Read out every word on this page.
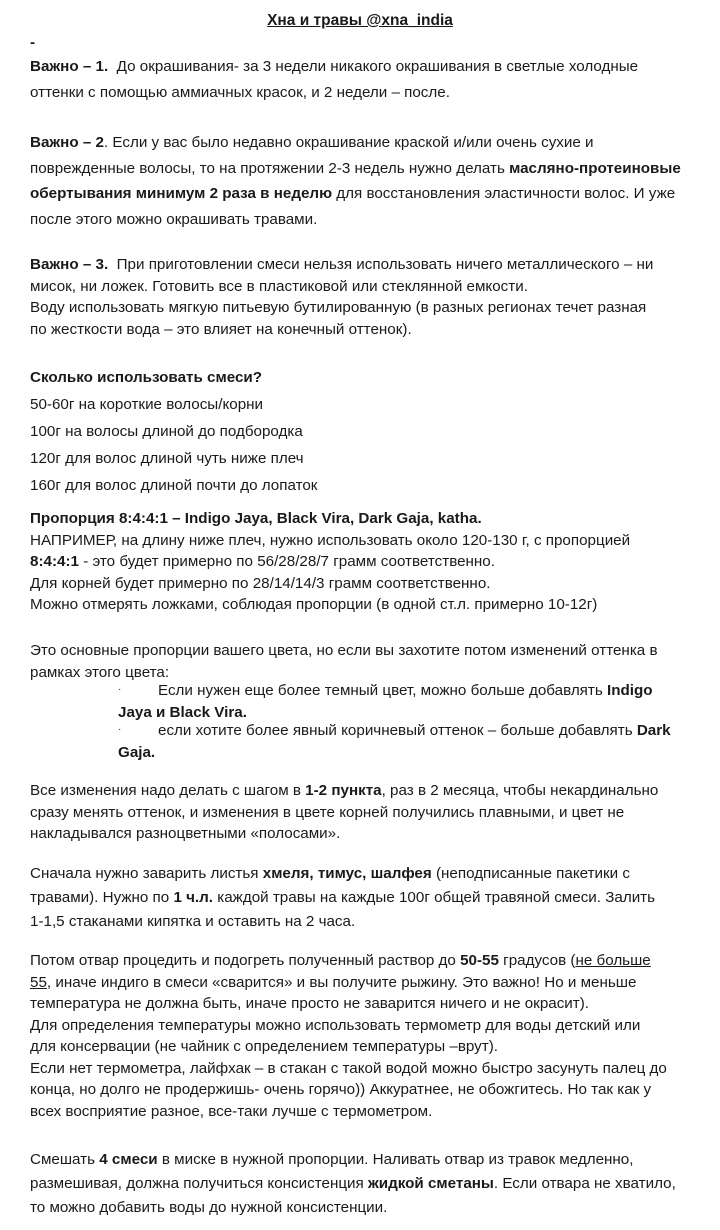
Хна и травы @xna_india
-
Важно – 1. До окрашивания- за 3 недели никакого окрашивания в светлые холодные
оттенки с помощью аммиачных красок, и 2 недели – после.
Важно – 2. Если у вас было недавно окрашивание краской и/или очень сухие и
поврежденные волосы, то на протяжении 2-3 недель нужно делать масляно-протеиновые
обертывания минимум 2 раза в неделю для восстановления эластичности волос. И уже
после этого можно окрашивать травами.
Важно – 3. При приготовлении смеси нельзя использовать ничего металлического – ни
мисок, ни ложек. Готовить все в пластиковой или стеклянной емкости.
Воду использовать мягкую питьевую бутилированную (в разных регионах течет разная
по жесткости вода – это влияет на конечный оттенок).
Сколько использовать смеси?
50-60г на короткие волосы/корни
100г на волосы длиной до подбородка
120г для волос длиной чуть ниже плеч
160г для волос длиной почти до лопаток
Пропорция 8:4:4:1 – Indigo Jaya, Black Vira, Dark Gaja, katha.
НАПРИМЕР, на длину ниже плеч, нужно использовать около 120-130 г, с пропорцией
8:4:4:1 - это будет примерно по 56/28/28/7 грамм соответственно.
Для корней будет примерно по 28/14/14/3 грамм соответственно.
Можно отмерять ложками, соблюдая пропорции (в одной ст.л. примерно 10-12г)
Это основные пропорции вашего цвета, но если вы захотите потом изменений оттенка в
рамках этого цвета:
·	Если нужен еще более темный цвет, можно больше добавлять Indigo
Jaya и Black Vira.
·	если хотите более явный коричневый оттенок – больше добавлять Dark
Gaja.
Все изменения надо делать с шагом в 1-2 пункта, раз в 2 месяца, чтобы некардинально
сразу менять оттенок, и изменения в цвете корней получились плавными, и цвет не
накладывался разноцветными «полосами».
Сначала нужно заварить листья хмеля, тимус, шалфея (неподписанные пакетики с
травами). Нужно по 1 ч.л. каждой травы на каждые 100г общей травяной смеси. Залить
1-1,5 стаканами кипятка и оставить на 2 часа.
Потом отвар процедить и подогреть полученный раствор до 50-55 градусов (не больше
55, иначе индиго в смеси «сварится» и вы получите рыжину. Это важно! Но и меньше
температура не должна быть, иначе просто не заварится ничего и не окрасит).
Для определения температуры можно использовать термометр для воды детский или
для консервации (не чайник с определением температуры –врут).
Если нет термометра, лайфхак – в стакан с такой водой можно быстро засунуть палец до
конца, но долго не продержишь- очень горячо)) Аккуратнее, не обожгитесь. Но так как у
всех восприятие разное, все-таки лучше с термометром.
Смешать 4 смеси в миске в нужной пропорции. Наливать отвар из травок медленно,
размешивая, должна получиться консистенция жидкой сметаны. Если отвара не хватило,
то можно добавить воды до нужной консистенции.
